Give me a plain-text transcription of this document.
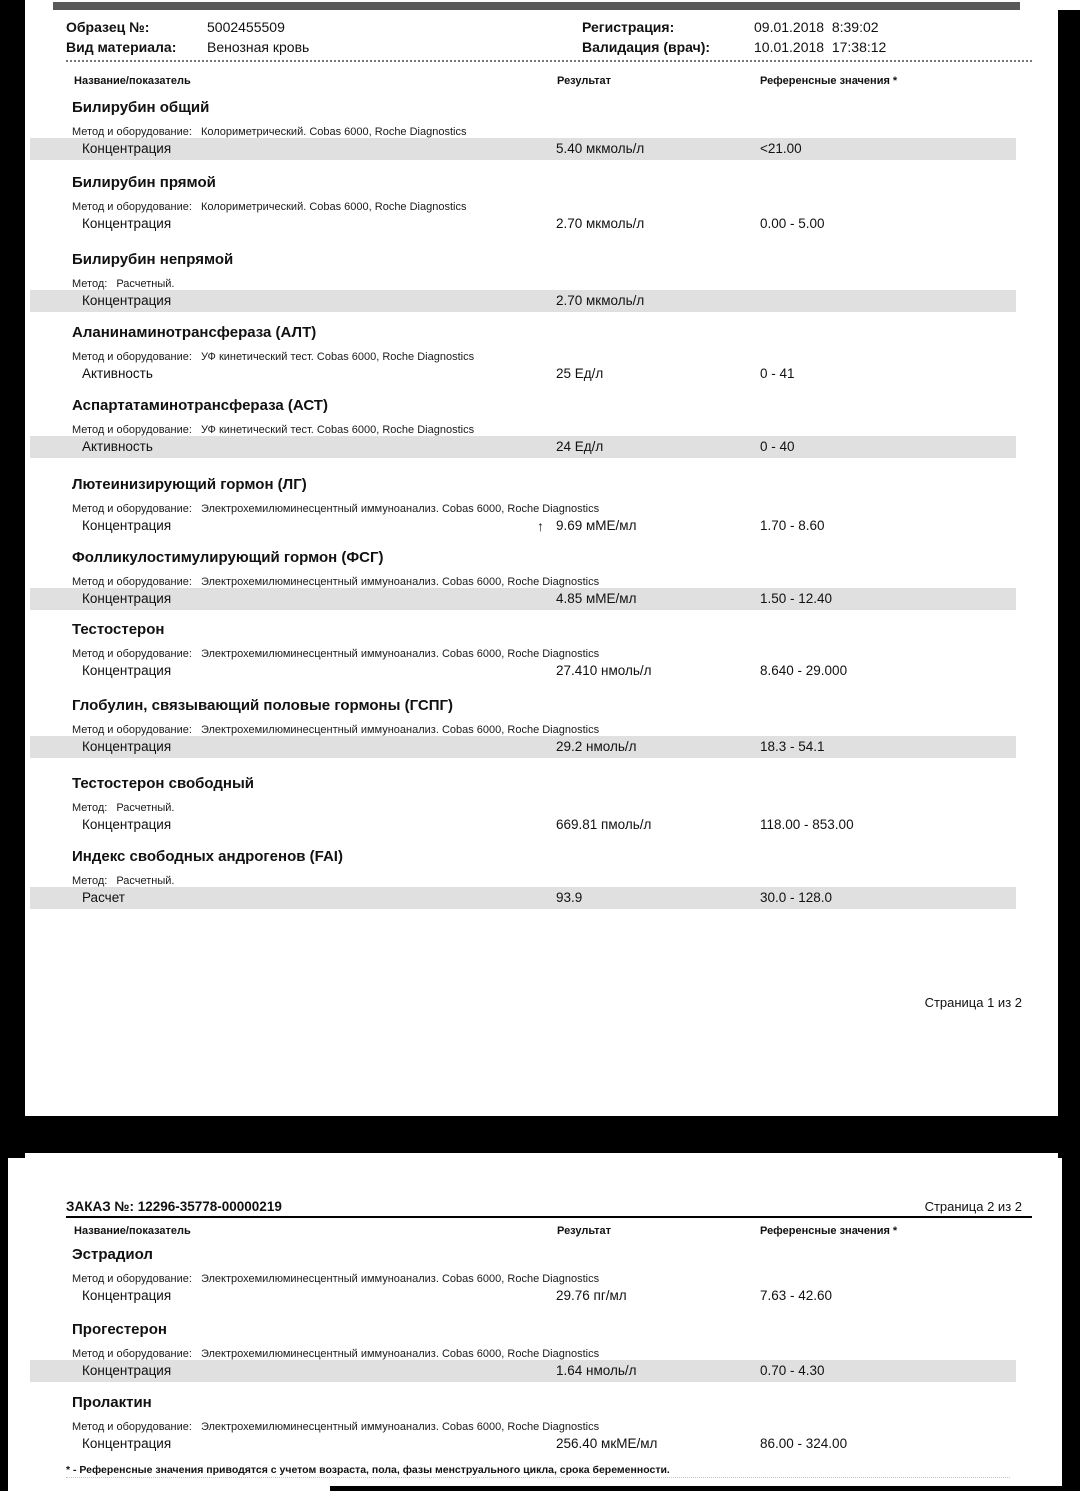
Образец №:	5002455509	Регистрация:	09.01.2018  8:39:02
Вид материала: Венозная кровь	Валидация (врач):	10.01.2018  17:38:12
Название/показатель	Результат	Референсные значения *
Билирубин общий
Метод и оборудование: Колориметрический. Cobas 6000, Roche Diagnostics
Концентрация	5.40 мкмоль/л	<21.00
Билирубин прямой
Метод и оборудование: Колориметрический. Cobas 6000, Roche Diagnostics
Концентрация	2.70 мкмоль/л	0.00 - 5.00
Билирубин непрямой
Метод: Расчетный.
Концентрация	2.70 мкмоль/л
Аланинаминотрансфераза (АЛТ)
Метод и оборудование: УФ кинетический тест. Cobas 6000, Roche Diagnostics
Активность	25 Ед/л	0 - 41
Аспартатаминотрансфераза (АСТ)
Метод и оборудование: УФ кинетический тест. Cobas 6000, Roche Diagnostics
Активность	24 Ед/л	0 - 40
Лютеинизирующий гормон (ЛГ)
Метод и оборудование: Электрохемилюминесцентный иммуноанализ. Cobas 6000, Roche Diagnostics
Концентрация	↑ 9.69 мМЕ/мл	1.70 - 8.60
Фолликулостимулирующий гормон (ФСГ)
Метод и оборудование: Электрохемилюминесцентный иммуноанализ. Cobas 6000, Roche Diagnostics
Концентрация	4.85 мМЕ/мл	1.50 - 12.40
Тестостерон
Метод и оборудование: Электрохемилюминесцентный иммуноанализ. Cobas 6000, Roche Diagnostics
Концентрация	27.410 нмоль/л	8.640 - 29.000
Глобулин, связывающий половые гормоны (ГСПГ)
Метод и оборудование: Электрохемилюминесцентный иммуноанализ. Cobas 6000, Roche Diagnostics
Концентрация	29.2 нмоль/л	18.3 - 54.1
Тестостерон свободный
Метод: Расчетный.
Концентрация	669.81 пмоль/л	118.00 - 853.00
Индекс свободных андрогенов (FAI)
Метод: Расчетный.
Расчет	93.9	30.0 - 128.0
Страница 1 из 2
ЗАКАЗ №: 12296-35778-00000219	Страница 2 из 2
Название/показатель	Результат	Референсные значения *
Эстрадиол
Метод и оборудование: Электрохемилюминесцентный иммуноанализ. Cobas 6000, Roche Diagnostics
Концентрация	29.76 пг/мл	7.63 - 42.60
Прогестерон
Метод и оборудование: Электрохемилюминесцентный иммуноанализ. Cobas 6000, Roche Diagnostics
Концентрация	1.64 нмоль/л	0.70 - 4.30
Пролактин
Метод и оборудование: Электрохемилюминесцентный иммуноанализ. Cobas 6000, Roche Diagnostics
Концентрация	256.40 мкМЕ/мл	86.00 - 324.00
* - Референсные значения приводятся с учетом возраста, пола, фазы менструального цикла, срока беременности.
